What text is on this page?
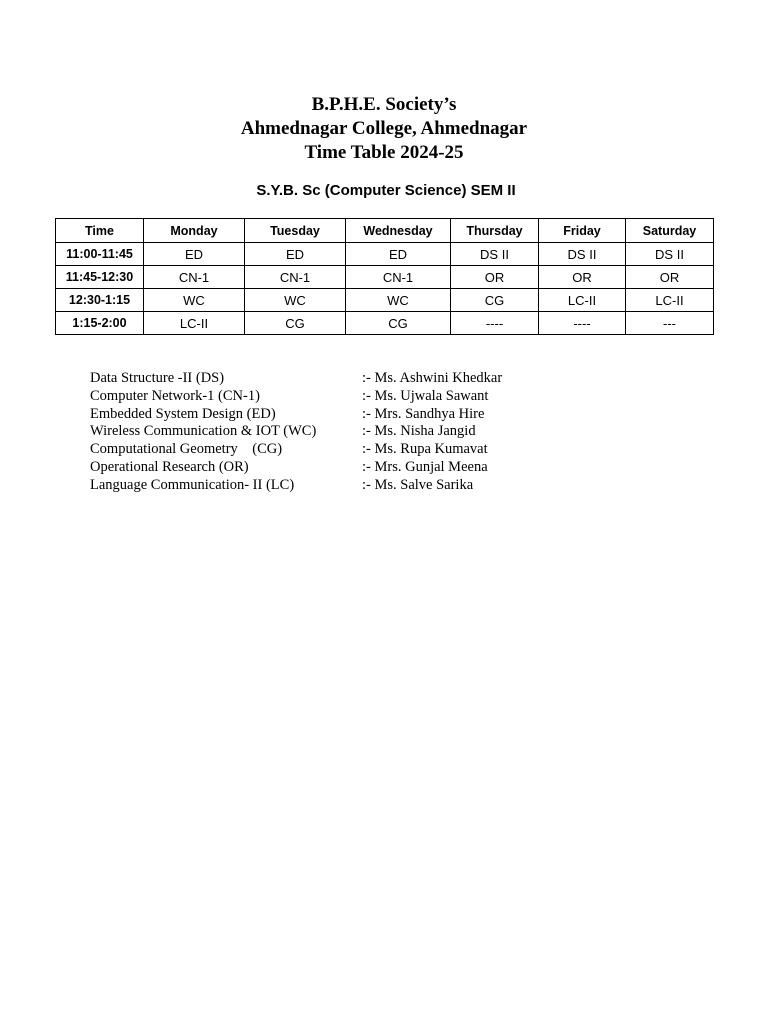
B.P.H.E. Society’s
Ahmednagar College, Ahmednagar
Time Table 2024-25
S.Y.B. Sc (Computer Science) SEM II
Time	Monday	Tuesday	Wednesday	Thursday	Friday	Saturday
11:00-11:45	ED	ED	ED	DS II	DS II	DS II
11:45-12:30	CN-1	CN-1	CN-1	OR	OR	OR
12:30-1:15	WC	WC	WC	CG	LC-II	LC-II
1:15-2:00	LC-II	CG	CG	----	----	---
Data Structure -II (DS)	:- Ms. Ashwini Khedkar
Computer Network-1 (CN-1)	:- Ms. Ujwala Sawant
Embedded System Design (ED)	:- Mrs. Sandhya Hire
Wireless Communication & IOT (WC)	:- Ms. Nisha Jangid
Computational Geometry    (CG)	:- Ms. Rupa Kumavat
Operational Research (OR)	:- Mrs. Gunjal Meena
Language Communication- II (LC)	:- Ms. Salve Sarika
